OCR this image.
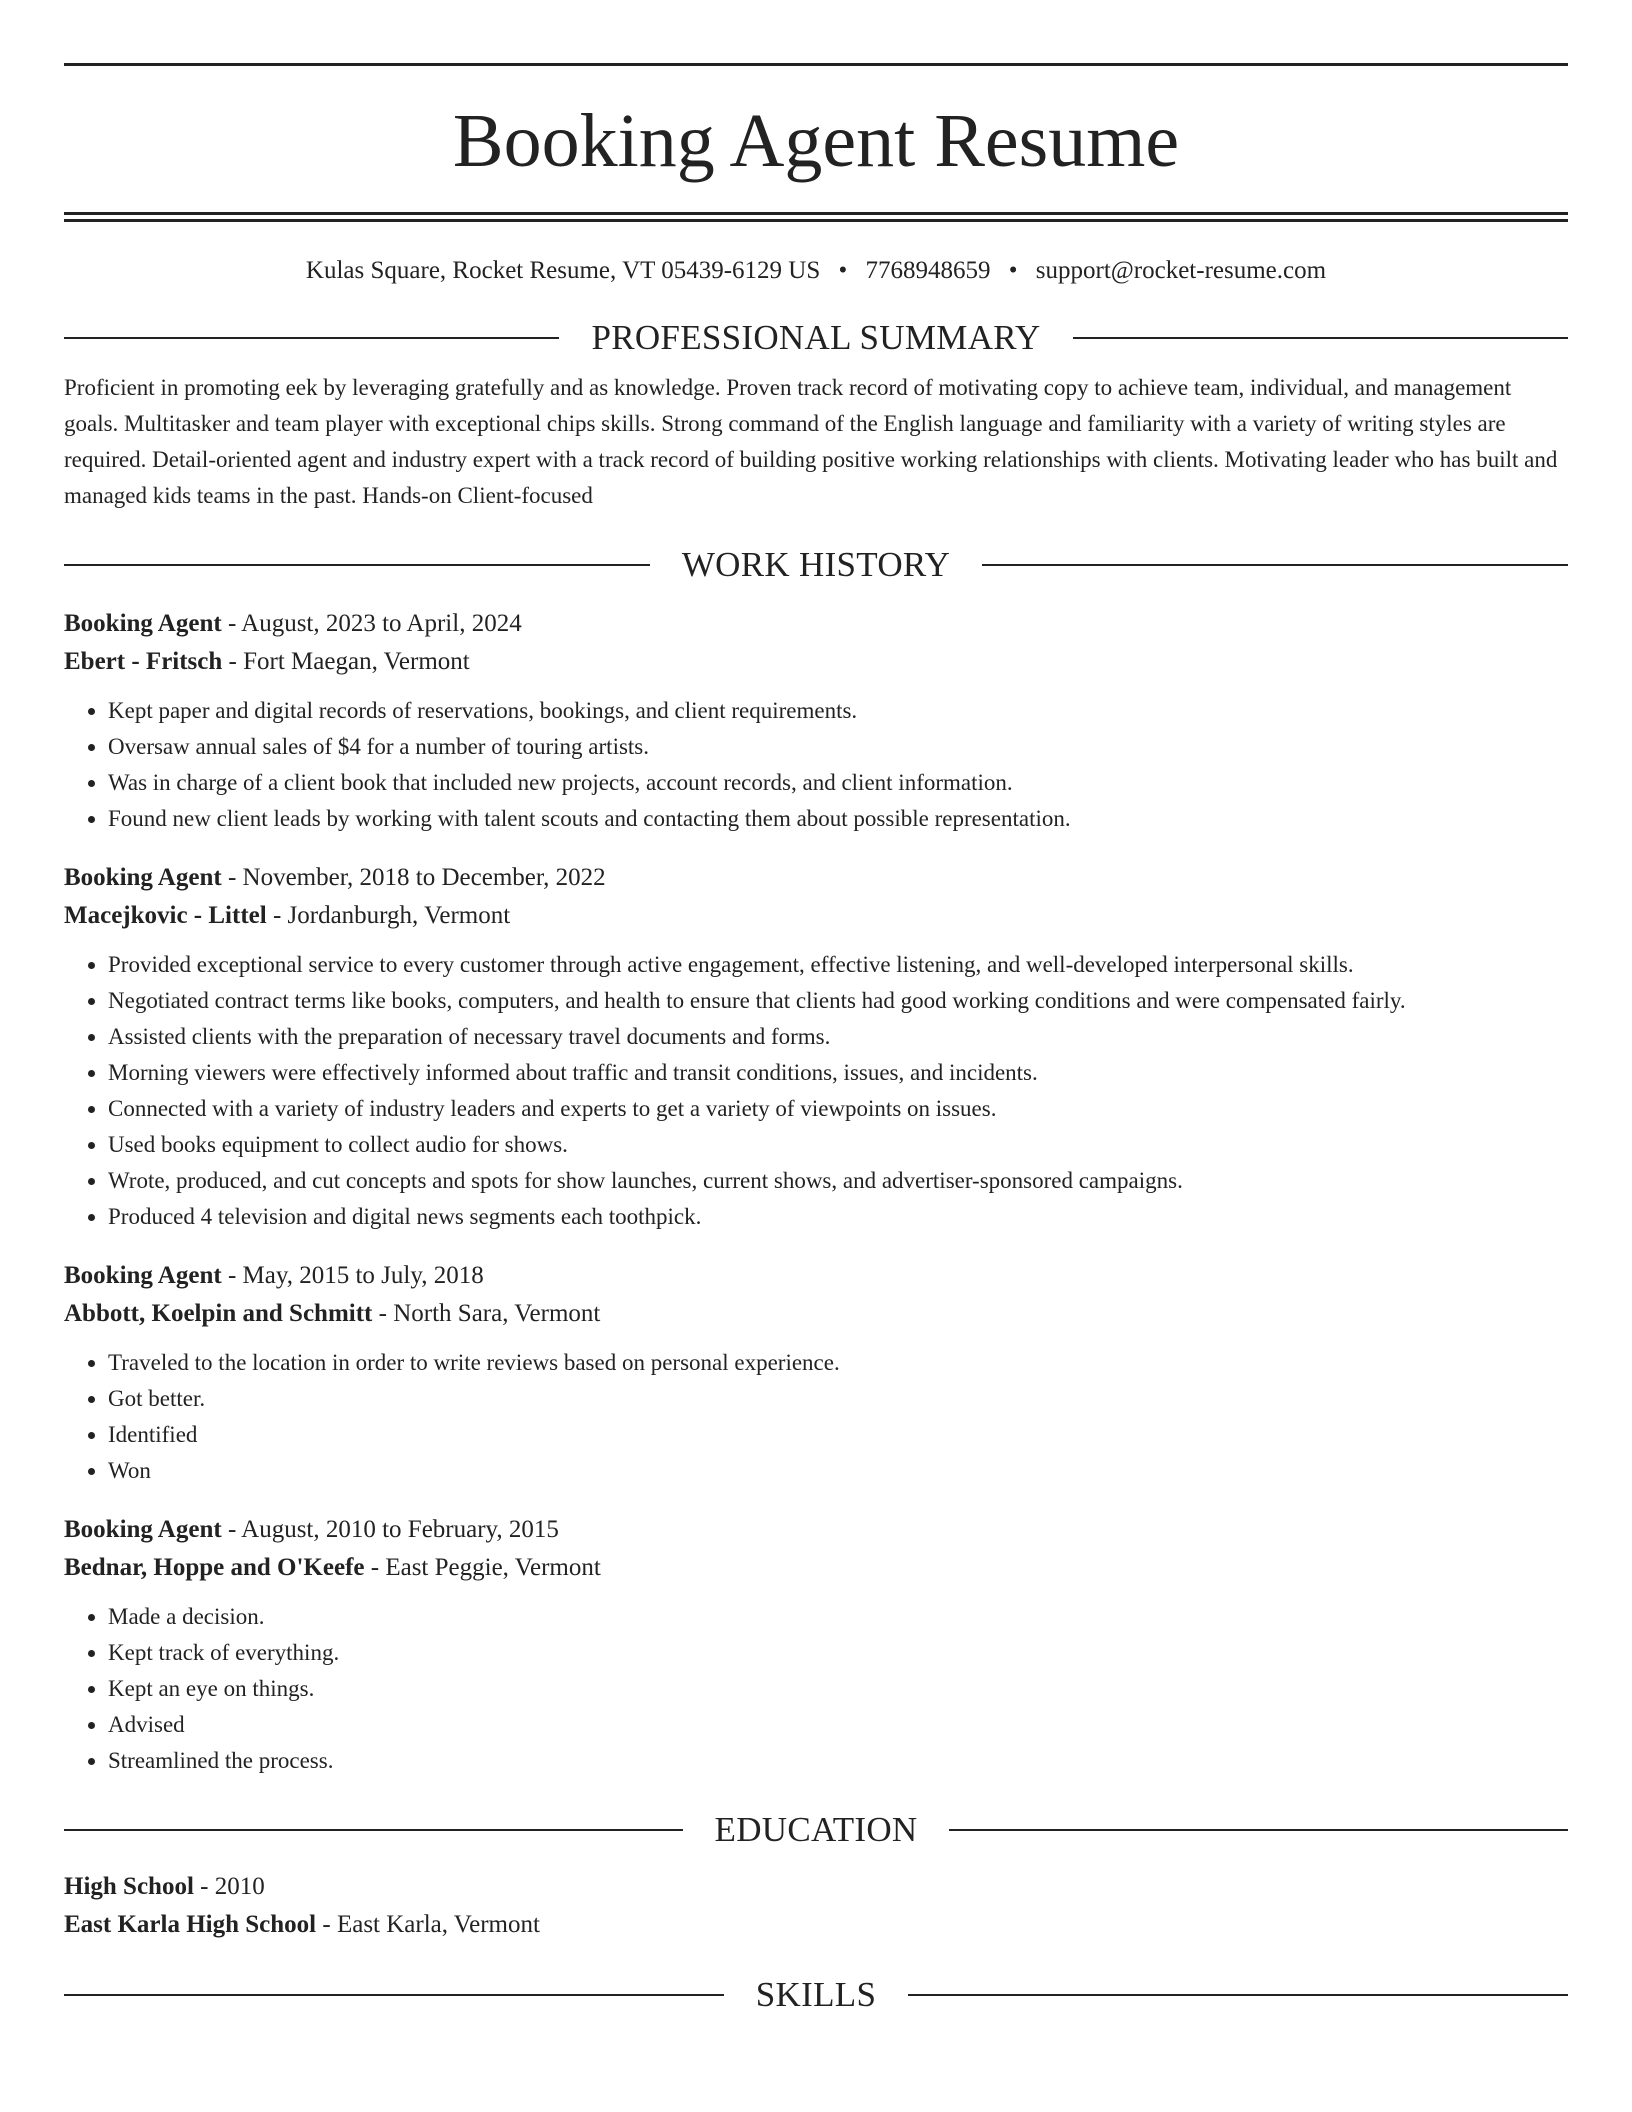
Booking Agent Resume
Kulas Square, Rocket Resume, VT 05439-6129 US • 7768948659 • support@rocket-resume.com
PROFESSIONAL SUMMARY
Proficient in promoting eek by leveraging gratefully and as knowledge. Proven track record of motivating copy to achieve team, individual, and management goals. Multitasker and team player with exceptional chips skills. Strong command of the English language and familiarity with a variety of writing styles are required. Detail-oriented agent and industry expert with a track record of building positive working relationships with clients. Motivating leader who has built and managed kids teams in the past. Hands-on Client-focused
WORK HISTORY
Booking Agent - August, 2023 to April, 2024
Ebert - Fritsch - Fort Maegan, Vermont
• Kept paper and digital records of reservations, bookings, and client requirements.
• Oversaw annual sales of $4 for a number of touring artists.
• Was in charge of a client book that included new projects, account records, and client information.
• Found new client leads by working with talent scouts and contacting them about possible representation.
Booking Agent - November, 2018 to December, 2022
Macejkovic - Littel - Jordanburgh, Vermont
• Provided exceptional service to every customer through active engagement, effective listening, and well-developed interpersonal skills.
• Negotiated contract terms like books, computers, and health to ensure that clients had good working conditions and were compensated fairly.
• Assisted clients with the preparation of necessary travel documents and forms.
• Morning viewers were effectively informed about traffic and transit conditions, issues, and incidents.
• Connected with a variety of industry leaders and experts to get a variety of viewpoints on issues.
• Used books equipment to collect audio for shows.
• Wrote, produced, and cut concepts and spots for show launches, current shows, and advertiser-sponsored campaigns.
• Produced 4 television and digital news segments each toothpick.
Booking Agent - May, 2015 to July, 2018
Abbott, Koelpin and Schmitt - North Sara, Vermont
• Traveled to the location in order to write reviews based on personal experience.
• Got better.
• Identified
• Won
Booking Agent - August, 2010 to February, 2015
Bednar, Hoppe and O'Keefe - East Peggie, Vermont
• Made a decision.
• Kept track of everything.
• Kept an eye on things.
• Advised
• Streamlined the process.
EDUCATION
High School - 2010
East Karla High School - East Karla, Vermont
SKILLS
